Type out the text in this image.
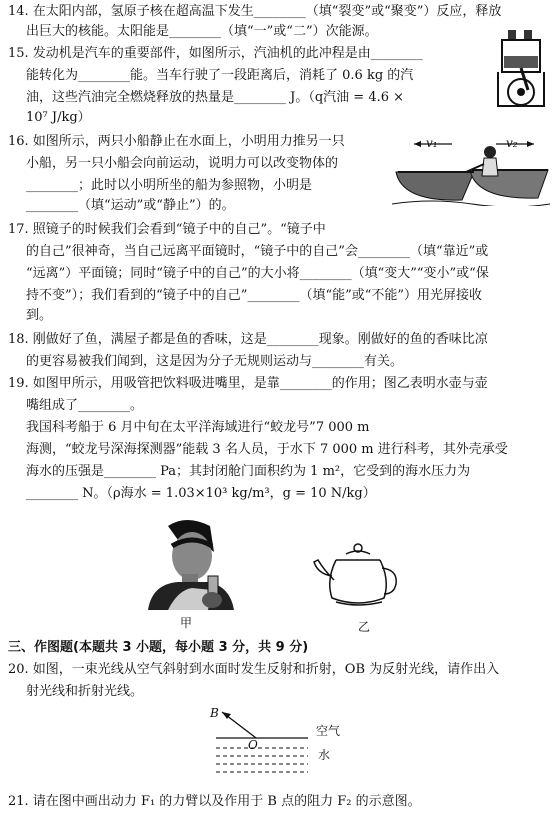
14. 在太阳内部，氢原子核在超高温下发生________（填“裂变”或“聚变”）反应，释放
出巨大的核能。太阳能是________（填“一”或“二”）次能源。
15. 发动机是汽车的重要部件，如图所示，汽油机的此冲程是由________
能转化为________能。当车行驶了一段距离后，消耗了 0.6 kg 的汽
油，这些汽油完全燃烧释放的热量是________ J。（q汽油 = 4.6 ×
10⁷ J/kg）
16. 如图所示，两只小船静止在水面上，小明用力推另一只
小船，另一只小船会向前运动，说明力可以改变物体的
________；此时以小明所坐的船为参照物，小明是
________（填“运动”或“静止”）的。
v₁	v₂
17. 照镜子的时候我们会看到“镜子中的自己”。“镜子中
的自己”很神奇，当自己远离平面镜时，“镜子中的自己”会________（填“靠近”或
“远离”）平面镜；同时“镜子中的自己”的大小将________（填“变大”“变小”或“保
持不变”）；我们看到的“镜子中的自己”________（填“能”或“不能”）用光屏接收
到。
18. 刚做好了鱼，满屋子都是鱼的香味，这是________现象。刚做好的鱼的香味比凉
的更容易被我们闻到，这是因为分子无规则运动与________有关。
19. 如图甲所示，用吸管把饮料吸进嘴里，是靠________的作用；图乙表明水壶与壶
嘴组成了________。
我国科考船于 6 月中旬在太平洋海域进行“蛟龙号”7 000 m
海测，“蛟龙号深海探测器”能载 3 名人员，于水下 7 000 m 进行科考，其外壳承受
海水的压强是________ Pa；其封闭舱门面积约为 1 m²，它受到的海水压力为
________ N。（ρ海水 = 1.03×10³ kg/m³，g = 10 N/kg）
甲	乙
三、作图题(本题共 3 小题，每小题 3 分，共 9 分)
20. 如图，一束光线从空气斜射到水面时发生反射和折射，OB 为反射光线，请作出入
射光线和折射光线。
B
O
空气
水
21. 请在图中画出动力 F₁ 的力臂以及作用于 B 点的阻力 F₂ 的示意图。
